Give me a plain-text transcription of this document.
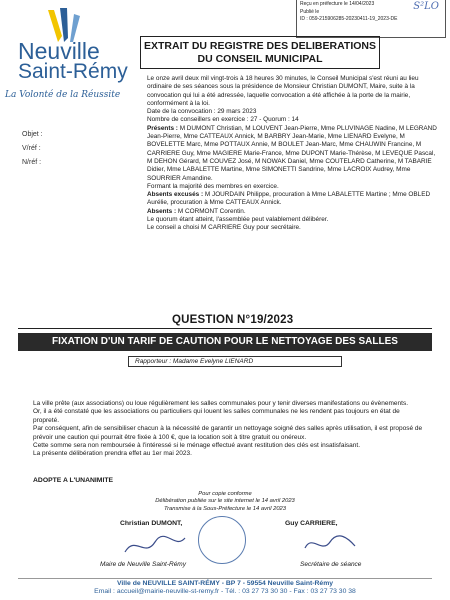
Reçu en préfecture le 14/04/2023
Publié le
ID : 059-215906285-20230411-19_2023-DE
S²LO
Neuville
Saint-Rémy
La Volonté de la Réussite
Objet :
V/réf :
N/réf :
EXTRAIT DU REGISTRE DES DELIBERATIONS
DU CONSEIL MUNICIPAL

Le onze avril deux mil vingt-trois à 18 heures 30 minutes, le Conseil Municipal s'est réuni au lieu ordinaire de ses séances sous la présidence de Monsieur Christian DUMONT, Maire, suite à la convocation qui lui a été adressée, laquelle convocation a été affichée à la porte de la mairie, conformément à la loi.

Date de la convocation : 29 mars 2023

Nombre de conseillers en exercice : 27 - Quorum : 14

Présents : M DUMONT Christian, M LOUVENT Jean-Pierre, Mme PLUVINAGE Nadine, M LEGRAND Jean-Pierre, Mme CATTEAUX Annick, M BARBRY Jean-Marie, Mme LIENARD Evelyne, M BOVELETTE Marc, Mme POTTAUX Annie, M BOULET Jean-Marc, Mme CHAUWIN Francine, M CARRIERE Guy, Mme MAGIERE Marie-France, Mme DUPONT Marie-Thérèse, M LEVEQUE Pascal, M DEHON Gérard, M COUVEZ José, M NOWAK Daniel, Mme COUTELARD Catherine, M TABARIE Didier, Mme LABALETTE Martine, Mme SIMONETTI Sandrine, Mme LACROIX Audrey, Mme SOURRIER Amandine.

Formant la majorité des membres en exercice.

Absents excusés : M JOURDAIN Philippe, procuration à Mme LABALETTE Martine ; Mme OBLED Aurélie, procuration à Mme CATTEAUX Annick.

Absents : M CORMONT Corentin.

Le quorum étant atteint, l'assemblée peut valablement délibérer.

Le conseil a choisi M CARRIERE Guy pour secrétaire.

QUESTION N°19/2023
FIXATION D'UN TARIF DE CAUTION POUR LE NETTOYAGE DES SALLES
Rapporteur : Madame Evelyne LIENARD

La ville prête (aux associations) ou loue régulièrement les salles communales pour y tenir diverses manifestations ou évènements.

Or, il a été constaté que les associations ou particuliers qui louent les salles communales ne les rendent pas toujours en état de propreté.

Par conséquent, afin de sensibiliser chacun à la nécessité de garantir un nettoyage soigné des salles après utilisation, il est proposé de prévoir une caution qui pourrait être fixée à 100 €, que la location soit à titre gratuit ou onéreux.

Cette somme sera non remboursée à l'intéressé si le ménage effectué avant restitution des clés est insatisfaisant.

La présente délibération prendra effet au 1er mai 2023.

ADOPTE A L'UNANIMITE
Pour copie conforme
Délibération publiée sur le site internet le 14 avril 2023
Transmise à la Sous-Préfecture le 14 avril 2023
Christian DUMONT,	Guy CARRIERE,
Maire de Neuville Saint-Rémy	Secrétaire de séance
Ville de NEUVILLE SAINT-RÉMY - BP 7 - 59554 Neuville Saint-Rémy
Email : accueil@mairie-neuville-st-remy.fr - Tél. : 03 27 73 30 30 - Fax : 03 27 73 30 38
